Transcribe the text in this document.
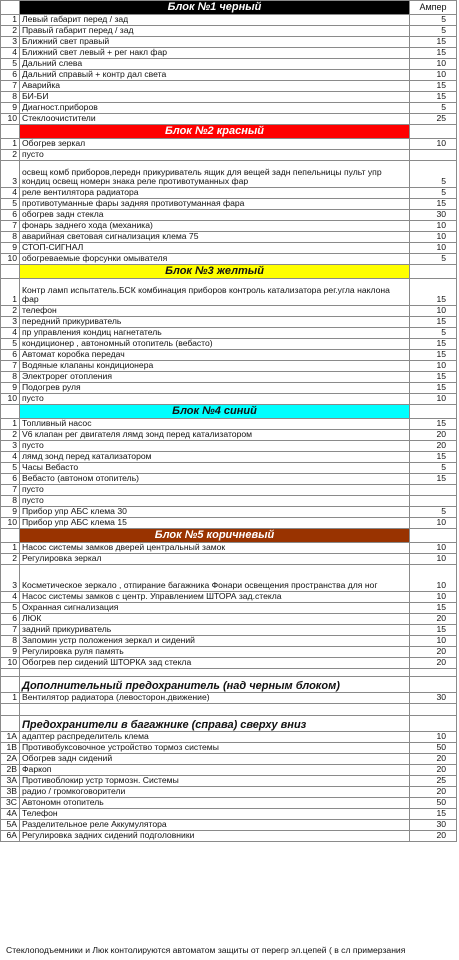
	Блок №1 черный	Ампер
1	Левый габарит перед / зад	5
2	Правый габарит перед / зад	5
3	Ближний свет правый	15
4	Ближний свет левый + рег накл фар	15
5	Дальний слева	10
6	Дальний справый + контр дал света	10
7	Аварийка	15
8	БИ-БИ	15
9	Диагност.приборов	5
10	Стеклоочистители	25
	Блок №2 красный	
1	Обогрев зеркал	10
2	пусто	
3	освещ комб приборов,передн прикуриватель ящик для вещей задн пепельницы пульт упр кондиц освещ номерн знака реле противотуманных фар	5
4	реле вентилятора радиатора	5
5	противотуманные фары задняя противотуманная фара	15
6	обогрев задн стекла	30
7	фонарь заднего хода (механика)	10
8	аварийная световая сигнализация клема 75	10
9	СТОП-СИГНАЛ	10
10	обогреваемые форсунки омывателя	5
	Блок №3 желтый	
1	Контр ламп испытатель.БСК комбинация приборов контроль катализатора рег.угла наклона фар	15
2	телефон	10
3	передний прикуриватель	15
4	пр управления кондиц нагнетатель	5
5	кондиционер , автономный отопитель (вебасто)	15
6	Автомат коробка передач	15
7	Водяные клапаны кондиционера	10
8	Электрорег отопления	15
9	Подогрев руля	15
10	пусто	10
	Блок №4 синий	
1	Топливный насос	15
2	V6 клапан рег двигателя лямд зонд перед катализатором	20
3	пусто	20
4	лямд зонд перед катализатором	15
5	Часы Вебасто	5
6	Вебасто (автоном отопитель)	15
7	пусто	
8	пусто	
9	Прибор упр АБС клема 30	5
10	Прибор упр АБС клема 15	10
	Блок №5 коричневый	
1	Насос системы замков дверей центральный замок	10
2	Регулировка зеркал	10
3	Косметическое зеркало , отпирание багажника Фонари освещения пространства для ног	10
4	Насос системы замков с центр. Управлением ШТОРА зад.стекла	10
5	Охранная сигнализация	15
6	ЛЮК	20
7	задний прикуриватель	15
8	Запомин устр положения зеркал и сидений	10
9	Регулировка руля память	20
10	Обогрев пер сидений ШТОРКА зад стекла	20

	Дополнительный предохранитель (над черным блоком)	
1	Вентилятор радиатора (левосторон.движение)	30

	Предохранители в багажнике (справа) сверху вниз	
1A	адаптер распределитель клема	10
1B	Противобуксовочное устройство тормоз системы	50
2A	Обогрев задн сидений	20
2B	Фаркоп	20
3A	Противоблокир устр тормозн. Системы	25
3B	радио / громкоговорители	20
3C	Автономн отопитель	50
4A	Телефон	15
5A	Разделительное реле Аккумулятора	30
6A	Регулировка задних сидений подголовники	20
Стеклоподъемники и Люк контолируются автоматом защиты от перегр эл.цепей ( в сл примерзания
